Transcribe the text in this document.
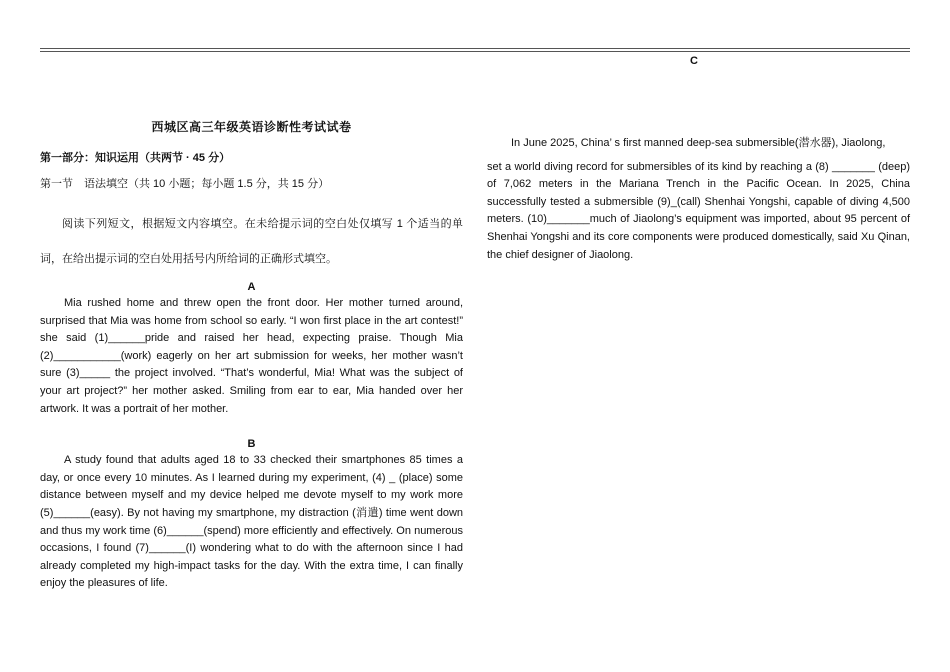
C
西城区高三年级英语诊断性考试试卷
第一部分：知识运用（共两节 · 45 分）
第一节　语法填空（共 10 小题；每小题 1.5 分，共 15 分）

阅读下列短文，根据短文内容填空。在未给提示词的空白处仅填写 1 个适当的单词，在给出提示词的空白处用括号内所给词的正确形式填空。

A

Mia rushed home and threw open the front door. Her mother turned around, surprised that Mia was home from school so early. “I won first place in the art contest!” she said (1)______pride and raised her head, expecting praise. Though Mia (2)___________(work) eagerly on her art submission for weeks, her mother wasn’t sure (3)_____ the project involved. “That’s wonderful, Mia! What was the subject of your art project?” her mother asked. Smiling from ear to ear, Mia handed over her artwork. It was a portrait of her mother.

B

A study found that adults aged 18 to 33 checked their smartphones 85 times a day, or once every 10 minutes. As I learned during my experiment, (4) _ (place) some distance between myself and my device helped me devote myself to my work more (5)______(easy). By not having my smartphone, my distraction (消遣) time went down and thus my work time (6)______(spend) more efficiently and effectively. On numerous occasions, I found (7)______(I) wondering what to do with the afternoon since I had already completed my high-impact tasks for the day. With the extra time, I can finally enjoy the pleasures of life.

In June 2025, China’ s first manned deep-sea submersible(潜水器), Jiaolong,

set a world diving record for submersibles of its kind by reaching a (8) _______ (deep) of 7,062 meters in the Mariana Trench in the Pacific Ocean. In 2025, China successfully tested a submersible (9)_(call) Shenhai Yongshi, capable of diving 4,500 meters. (10)_______much of Jiaolong’s equipment was imported, about 95 percent of Shenhai Yongshi and its core components were produced domestically, said Xu Qinan, the chief designer of Jiaolong.
